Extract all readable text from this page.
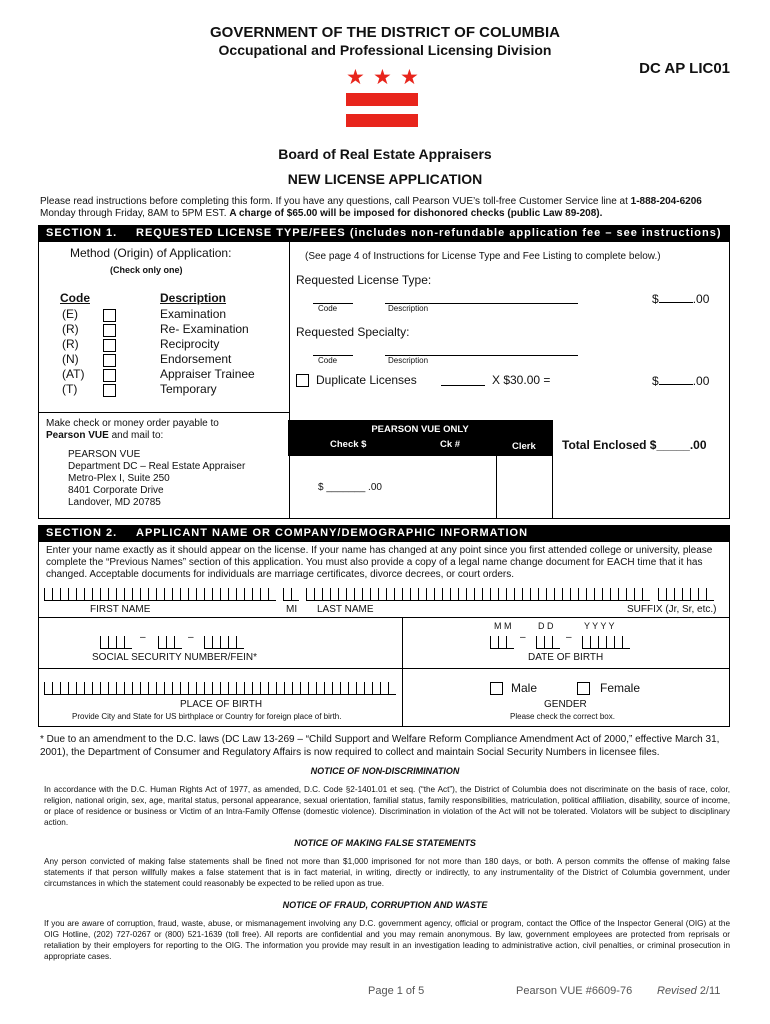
GOVERNMENT OF THE DISTRICT OF COLUMBIA
Occupational and Professional Licensing Division
DC AP LIC01
★ ★ ★
Board of Real Estate Appraisers
NEW LICENSE APPLICATION
Please read instructions before completing this form. If you have any questions, call Pearson VUE’s toll-free Customer Service line at 1-888-204-6206
Monday through Friday, 8AM to 5PM EST. A charge of $65.00 will be imposed for dishonored checks (public Law 89-208).
SECTION 1. REQUESTED LICENSE TYPE/FEES (includes non-refundable application fee – see instructions)
Method (Origin) of Application:
(Check only one)
Code	Description
(E)	Examination
(R)	Re- Examination
(R)	Reciprocity
(N)	Endorsement
(AT)	Appraiser Trainee
(T)	Temporary
(See page 4 of Instructions for License Type and Fee Listing to complete below.)
Requested License Type:
Code	Description
$	.00
Requested Specialty:
Code	Description
Duplicate Licenses	X $30.00 =	$	.00
Make check or money order payable to
Pearson VUE and mail to:
PEARSON VUE
Department DC – Real Estate Appraiser
Metro-Plex I, Suite 250
8401 Corporate Drive
Landover, MD 20785
PEARSON VUE ONLY
Check $	Ck #	Clerk
$ _______ .00
Total Enclosed $_____.00
SECTION 2. APPLICANT NAME OR COMPANY/DEMOGRAPHIC INFORMATION
Enter your name exactly as it should appear on the license. If your name has changed at any point since you first attended college or university, please complete the “Previous Names” section of this application. You must also provide a copy of a legal name change document for EACH time that it has changed. Acceptable documents for individuals are marriage certificates, divorce decrees, or court orders.
FIRST NAME	MI LAST NAME	SUFFIX (Jr, Sr, etc.)
–	–
SOCIAL SECURITY NUMBER/FEIN*
M M	D D	Y Y Y Y
–	–
DATE OF BIRTH
PLACE OF BIRTH
Provide City and State for US birthplace or Country for foreign place of birth.
Male	Female
GENDER
Please check the correct box.
* Due to an amendment to the D.C. laws (DC Law 13-269 – “Child Support and Welfare Reform Compliance Amendment Act of 2000,” effective March 31, 2001), the Department of Consumer and Regulatory Affairs is now required to collect and maintain Social Security Numbers in licensee files.
NOTICE OF NON-DISCRIMINATION
In accordance with the D.C. Human Rights Act of 1977, as amended, D.C. Code §2-1401.01 et seq. (“the Act”), the District of Columbia does not discriminate on the basis of race, color, religion, national origin, sex, age, marital status, personal appearance, sexual orientation, familial status, family responsibilities, matriculation, political affiliation, disability, source of income, or place of residence or business or Victim of an Intra-Family Offense (domestic violence). Discrimination in violation of the Act will not be tolerated. Violators will be subject to disciplinary action.
NOTICE OF MAKING FALSE STATEMENTS
Any person convicted of making false statements shall be fined not more than $1,000 imprisoned for not more than 180 days, or both. A person commits the offense of making false statements if that person willfully makes a false statement that is in fact material, in writing, directly or indirectly, to any instrumentality of the District of Columbia government, under circumstances in which the statement could reasonably be expected to be relied upon as true.
NOTICE OF FRAUD, CORRUPTION AND WASTE
If you are aware of corruption, fraud, waste, abuse, or mismanagement involving any D.C. government agency, official or program, contact the Office of the Inspector General (OIG) at the OIG Hotline, (202) 727-0267 or (800) 521-1639 (toll free). All reports are confidential and you may remain anonymous. By law, government employees are protected from reprisals or retaliation by their employers for reporting to the OIG. The information you provide may result in an investigation leading to administrative action, civil penalties, or criminal prosecution in appropriate cases.
Page 1 of 5	Pearson VUE #6609-76 Revised 2/11
